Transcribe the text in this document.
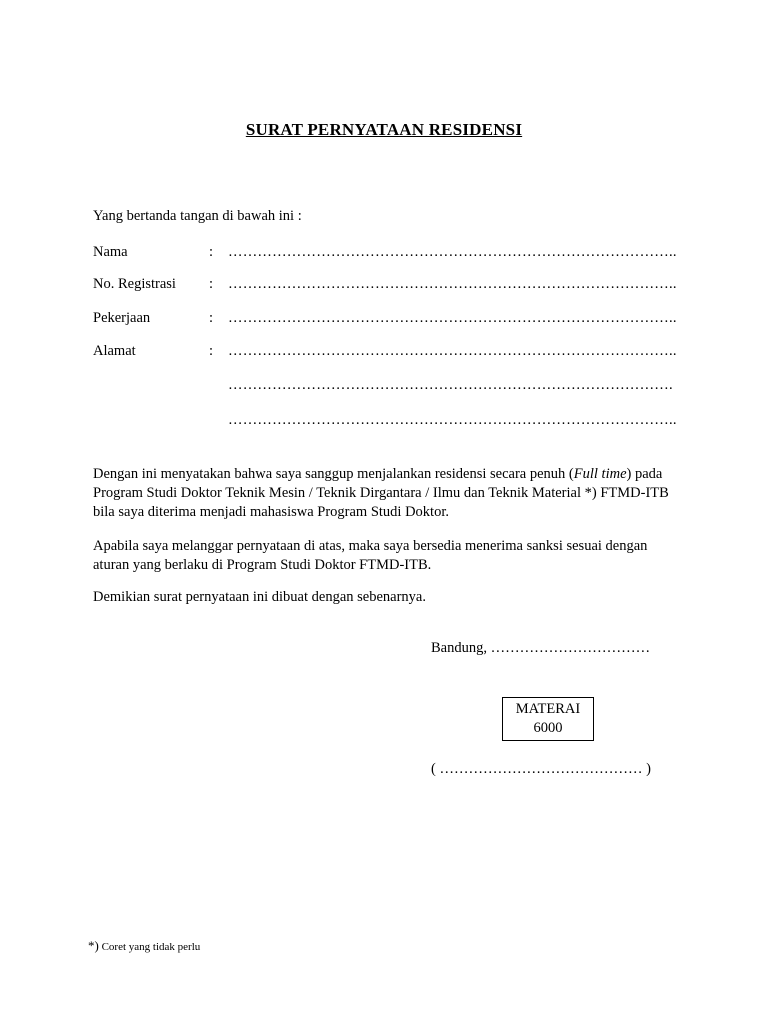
SURAT PERNYATAAN RESIDENSI
Yang bertanda tangan di bawah ini :
Nama	: ………………………………………………………………………………..
No. Registrasi : ………………………………………………………………………………..
Pekerjaan	: ………………………………………………………………………………..
Alamat	: ………………………………………………………………………………..
……………………………………………………………………………….
………………………………………………………………………………..

Dengan ini menyatakan bahwa saya sanggup menjalankan residensi secara penuh (Full time) pada Program Studi Doktor Teknik Mesin / Teknik Dirgantara / Ilmu dan Teknik Material *) FTMD-ITB bila saya diterima menjadi mahasiswa Program Studi Doktor.

Apabila saya melanggar pernyataan di atas, maka saya bersedia menerima sanksi sesuai dengan aturan yang berlaku di Program Studi Doktor FTMD-ITB.

Demikian surat pernyataan ini dibuat dengan sebenarnya.

Bandung, ……………………………
MATERAI
6000
( …………………………………… )
*) Coret yang tidak perlu
